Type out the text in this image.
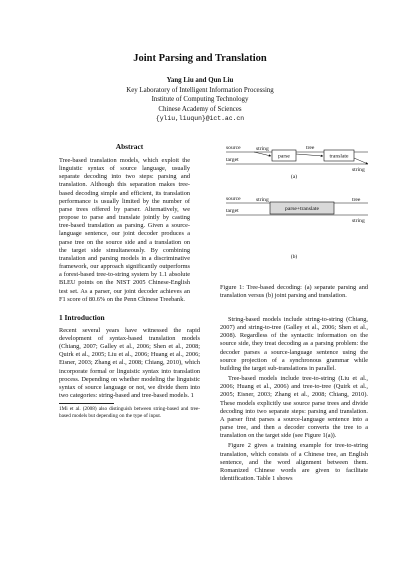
Joint Parsing and Translation
Yang Liu and Qun Liu
Key Laboratory of Intelligent Information Processing
Institute of Computing Technology
Chinese Academy of Sciences
{yliu,liuqun}@ict.ac.cn
Abstract

Tree-based translation models, which exploit the linguistic syntax of source language, usually separate decoding into two steps: parsing and translation. Although this separation makes tree-based decoding simple and efficient, its translation performance is usually limited by the number of parse trees offered by parser. Alternatively, we propose to parse and translate jointly by casting tree-based translation as parsing. Given a source-language sentence, our joint decoder produces a parse tree on the source side and a translation on the target side simultaneously. By combining translation and parsing models in a discriminative framework, our approach significantly outperforms a forest-based tree-to-string system by 1.1 absolute BLEU points on the NIST 2005 Chinese-English test set. As a parser, our joint decoder achieves an F1 score of 80.6% on the Penn Chinese Treebank.

1 Introduction

Recent several years have witnessed the rapid development of syntax-based translation models (Chiang, 2007; Galley et al., 2006; Shen et al., 2008; Quirk et al., 2005; Liu et al., 2006; Huang et al., 2006; Eisner, 2003; Zhang et al., 2008; Chiang, 2010), which incorporate formal or linguistic syntax into translation process. Depending on whether modeling the linguistic syntax of source language or not, we divide them into two categories: string-based and tree-based models. 1

1Mi et al. (2008) also distinguish between string-based and tree-based models but depending on the type of input.

source
target
string
parse
tree
translate
string
(a)
source
target
string
parse+translate
tree
string
(b)
Figure 1: Tree-based decoding: (a) separate parsing and translation versus (b) joint parsing and translation.

String-based models include string-to-string (Chiang, 2007) and string-to-tree (Galley et al., 2006; Shen et al., 2008). Regardless of the syntactic information on the source side, they treat decoding as a parsing problem: the decoder parses a source-language sentence using the source projection of a synchronous grammar while building the target sub-translations in parallel.

Tree-based models include tree-to-string (Liu et al., 2006; Huang et al., 2006) and tree-to-tree (Quirk et al., 2005; Eisner, 2003; Zhang et al., 2008; Chiang, 2010). These models explicitly use source parse trees and divide decoding into two separate steps: parsing and translation. A parser first parses a source-language sentence into a parse tree, and then a decoder converts the tree to a translation on the target side (see Figure 1(a)).

Figure 2 gives a training example for tree-to-string translation, which consists of a Chinese tree, an English sentence, and the word alignment between them. Romanized Chinese words are given to facilitate identification. Table 1 shows
